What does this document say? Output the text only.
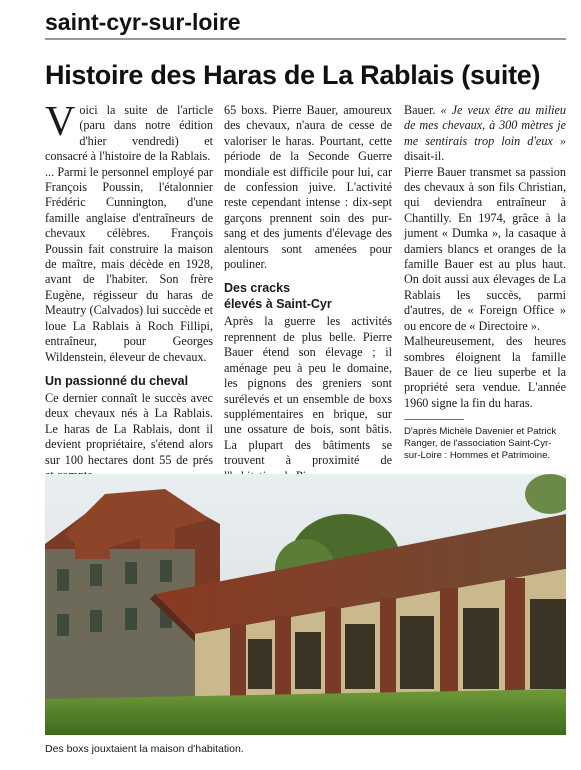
saint-cyr-sur-loire
Histoire des Haras de La Rablais (suite)

Voici la suite de l'article (paru dans notre édition d'hier vendredi) et consacré à l'histoire de la Rablais.

... Parmi le personnel employé par François Poussin, l'étalonnier Frédéric Cunnington, d'une famille anglaise d'entraîneurs de chevaux célèbres. François Poussin fait construire la maison de maître, mais décède en 1928, avant de l'habiter. Son frère Eugène, régisseur du haras de Meautry (Calvados) lui succède et loue La Rablais à Roch Fillipi, entraîneur, pour Georges Wildenstein, éleveur de chevaux.

Un passionné du cheval

Ce dernier connaît le succès avec deux chevaux nés à La Rablais. Le haras de La Rablais, dont il devient propriétaire, s'étend alors sur 100 hectares dont 55 de prés

65 boxs. Pierre Bauer, amoureux des chevaux, n'aura de cesse de valoriser le haras. Pourtant, cette période de la Seconde Guerre mondiale est difficile pour lui, car de confession juive. L'activité reste cependant intense : dix-sept garçons prennent soin des pur-sang et des juments d'élevage des alentours sont amenées pour pouliner.

Des cracks
élevés à Saint-Cyr

Après la guerre les activités reprennent de plus belle. Pierre Bauer étend son élevage ; il aménage peu à peu le domaine, les pignons des greniers sont surélevés et un ensemble de boxs supplémentaires en brique, sur une ossature de bois, sont bâtis. La plupart des bâtiments se trouvent à proximité de

Bauer. « Je veux être au milieu de mes chevaux, à 300 mètres je me sentirais trop loin d'eux » disait-il.

Pierre Bauer transmet sa passion des chevaux à son fils Christian, qui deviendra entraîneur à Chantilly. En 1974, grâce à la jument « Dumka », la casaque à damiers blancs et oranges de la famille Bauer est au plus haut. On doit aussi aux élevages de La Rablais les succès, parmi d'autres, de « Foreign Office » ou encore de « Directoire ».

Malheureusement, des heures sombres éloignent la famille Bauer de ce lieu superbe et la propriété sera vendue. L'année 1960 signe la fin du haras.

D'après Michèle Davenier et Patrick Ranger, de l'association Saint-Cyr-sur-Loire : Hommes et Patrimoine.
Des boxs jouxtaient la maison d'habitation.
